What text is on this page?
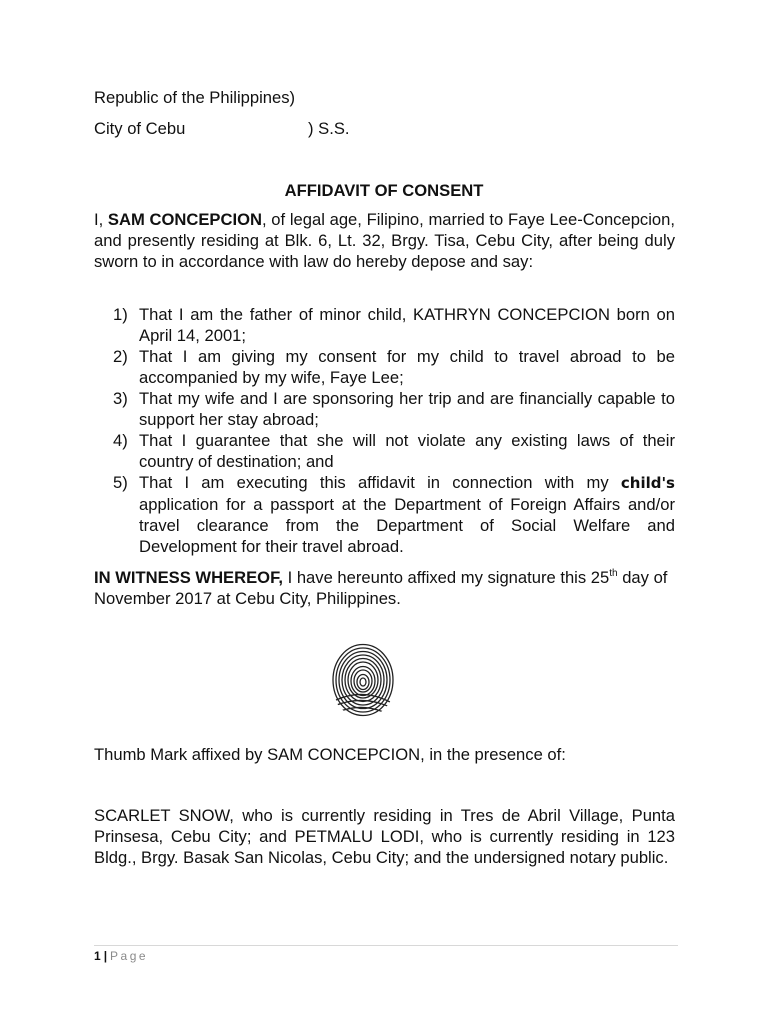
Republic of the Philippines)
City of Cebu	) S.S.
AFFIDAVIT OF CONSENT

I, SAM CONCEPCION, of legal age, Filipino, married to Faye Lee-Concepcion, and presently residing at Blk. 6, Lt. 32, Brgy. Tisa, Cebu City, after being duly sworn to in accordance with law do hereby depose and say:

1) That I am the father of minor child, KATHRYN CONCEPCION born on April 14, 2001;
2) That I am giving my consent for my child to travel abroad to be accompanied by my wife, Faye Lee;
3) That my wife and I are sponsoring her trip and are financially capable to support her stay abroad;
4) That I guarantee that she will not violate any existing laws of their country of destination; and
5) That I am executing this affidavit in connection with my child's application for a passport at the Department of Foreign Affairs and/or travel clearance from the Department of Social Welfare and Development for their travel abroad.

IN WITNESS WHEREOF, I have hereunto affixed my signature this 25th day of November 2017 at Cebu City, Philippines.

Thumb Mark affixed by SAM CONCEPCION, in the presence of:

SCARLET SNOW, who is currently residing in Tres de Abril Village, Punta Prinsesa, Cebu City; and PETMALU LODI, who is currently residing in 123 Bldg., Brgy. Basak San Nicolas, Cebu City; and the undersigned notary public.

1 | Page
